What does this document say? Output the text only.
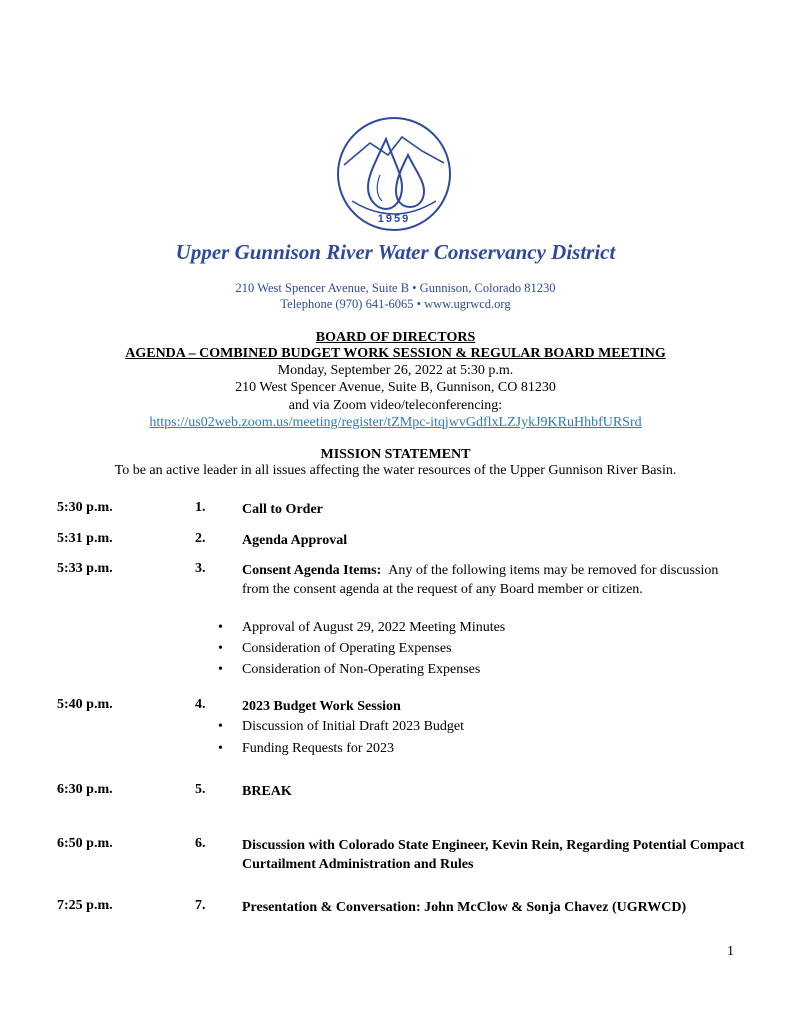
1959
Upper Gunnison River Water Conservancy District
210 West Spencer Avenue, Suite B • Gunnison, Colorado 81230
Telephone (970) 641-6065 • www.ugrwcd.org
BOARD OF DIRECTORS
AGENDA – COMBINED BUDGET WORK SESSION & REGULAR BOARD MEETING
Monday, September 26, 2022 at 5:30 p.m.
210 West Spencer Avenue, Suite B, Gunnison, CO 81230
and via Zoom video/teleconferencing:
https://us02web.zoom.us/meeting/register/tZMpc-itqjwvGdflxLZJykJ9KRuHhbfURSrd
MISSION STATEMENT
To be an active leader in all issues affecting the water resources of the Upper Gunnison River Basin.
5:30 p.m.	1.	Call to Order
5:31 p.m.	2.	Agenda Approval
5:33 p.m.	3.	Consent Agenda Items: Any of the following items may be removed for discussion from the consent agenda at the request of any Board member or citizen.
• Approval of August 29, 2022 Meeting Minutes
• Consideration of Operating Expenses
• Consideration of Non-Operating Expenses
5:40 p.m.	4.	2023 Budget Work Session
• Discussion of Initial Draft 2023 Budget
• Funding Requests for 2023
6:30 p.m.	5.	BREAK
6:50 p.m.	6.	Discussion with Colorado State Engineer, Kevin Rein, Regarding Potential Compact Curtailment Administration and Rules
7:25 p.m.	7.	Presentation & Conversation: John McClow & Sonja Chavez (UGRWCD)
1
